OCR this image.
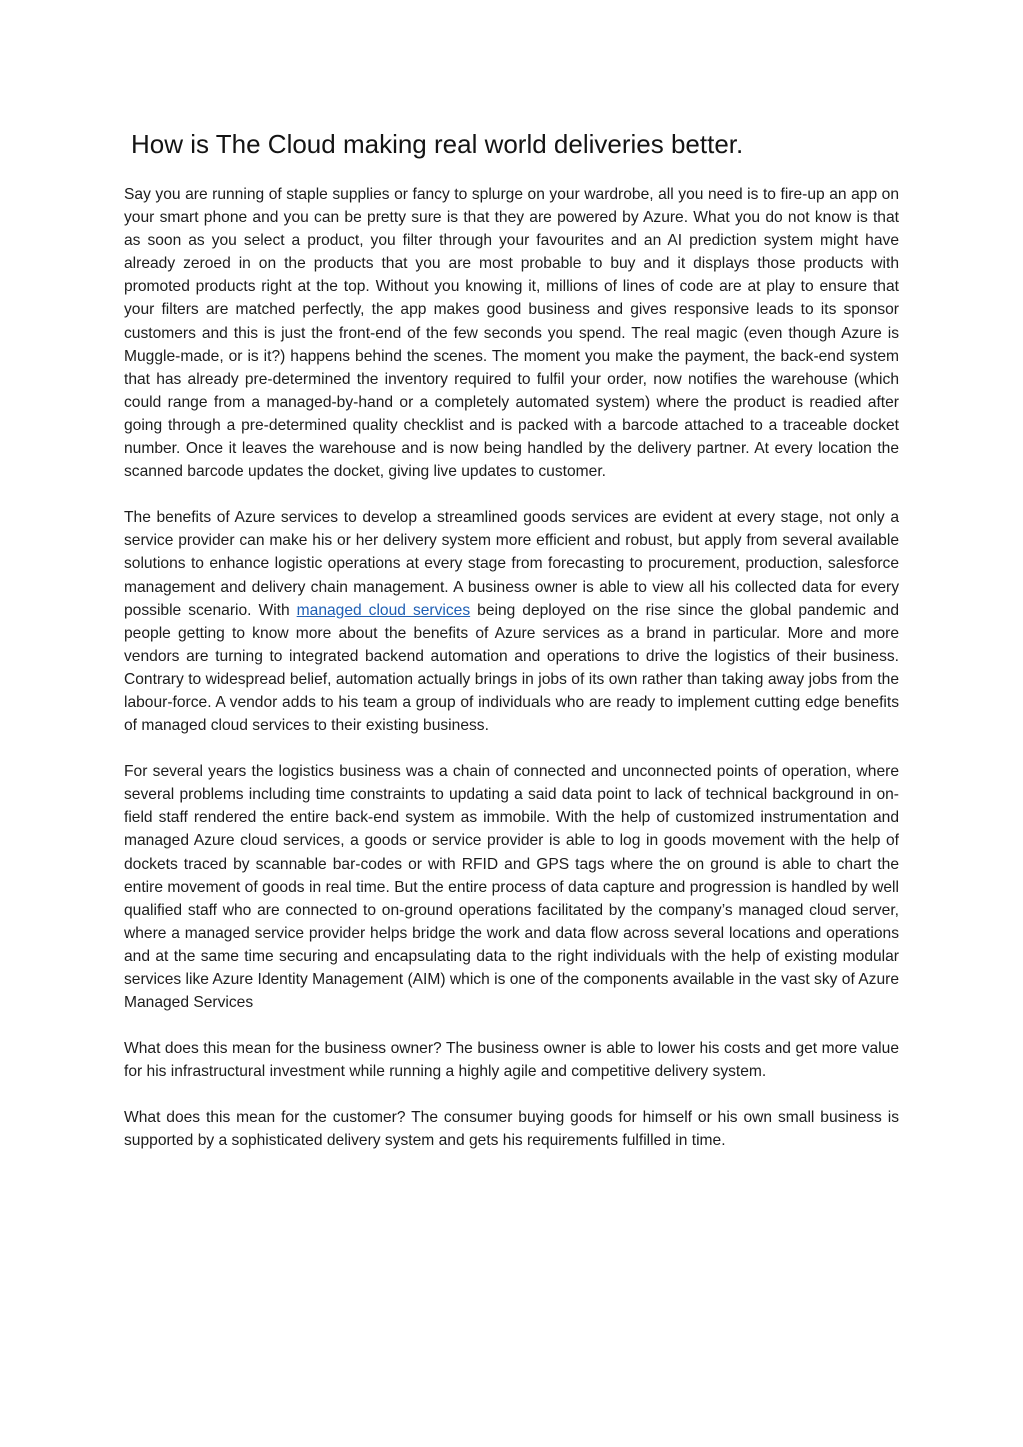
How is The Cloud making real world deliveries better.

Say you are running of staple supplies or fancy to splurge on your wardrobe, all you need is to fire-up an app on your smart phone and you can be pretty sure is that they are powered by Azure. What you do not know is that as soon as you select a product, you filter through your favourites and an AI prediction system might have already zeroed in on the products that you are most probable to buy and it displays those products with promoted products right at the top. Without you knowing it, millions of lines of code are at play to ensure that your filters are matched perfectly, the app makes good business and gives responsive leads to its sponsor customers and this is just the front-end of the few seconds you spend. The real magic (even though Azure is Muggle-made, or is it?) happens behind the scenes. The moment you make the payment, the back-end system that has already pre-determined the inventory required to fulfil your order, now notifies the warehouse (which could range from a managed-by-hand or a completely automated system) where the product is readied after going through a pre-determined quality checklist and is packed with a barcode attached to a traceable docket number. Once it leaves the warehouse and is now being handled by the delivery partner. At every location the scanned barcode updates the docket, giving live updates to customer.

The benefits of Azure services to develop a streamlined goods services are evident at every stage, not only a service provider can make his or her delivery system more efficient and robust, but apply from several available solutions to enhance logistic operations at every stage from forecasting to procurement, production, salesforce management and delivery chain management. A business owner is able to view all his collected data for every possible scenario. With managed cloud services being deployed on the rise since the global pandemic and people getting to know more about the benefits of Azure services as a brand in particular. More and more vendors are turning to integrated backend automation and operations to drive the logistics of their business. Contrary to widespread belief, automation actually brings in jobs of its own rather than taking away jobs from the labour-force. A vendor adds to his team a group of individuals who are ready to implement cutting edge benefits of managed cloud services to their existing business.

For several years the logistics business was a chain of connected and unconnected points of operation, where several problems including time constraints to updating a said data point to lack of technical background in on-field staff rendered the entire back-end system as immobile. With the help of customized instrumentation and managed Azure cloud services, a goods or service provider is able to log in goods movement with the help of dockets traced by scannable bar-codes or with RFID and GPS tags where the on ground is able to chart the entire movement of goods in real time. But the entire process of data capture and progression is handled by well qualified staff who are connected to on-ground operations facilitated by the company’s managed cloud server, where a managed service provider helps bridge the work and data flow across several locations and operations and at the same time securing and encapsulating data to the right individuals with the help of existing modular services like Azure Identity Management (AIM) which is one of the components available in the vast sky of Azure Managed Services

What does this mean for the business owner? The business owner is able to lower his costs and get more value for his infrastructural investment while running a highly agile and competitive delivery system.

What does this mean for the customer? The consumer buying goods for himself or his own small business is supported by a sophisticated delivery system and gets his requirements fulfilled in time.
